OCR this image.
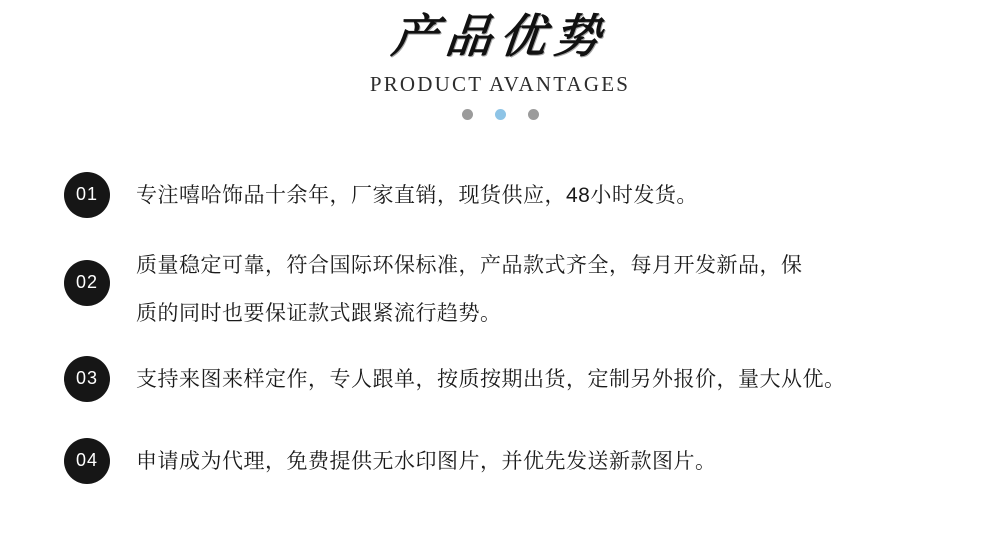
产品优势
PRODUCT AVANTAGES
01	专注嘻哈饰品十余年，厂家直销，现货供应，48小时发货。
02
质量稳定可靠，符合国际环保标准，产品款式齐全，每月开发新品，保
质的同时也要保证款式跟紧流行趋势。
03	支持来图来样定作，专人跟单，按质按期出货，定制另外报价，量大从优。
04	申请成为代理，免费提供无水印图片，并优先发送新款图片。
